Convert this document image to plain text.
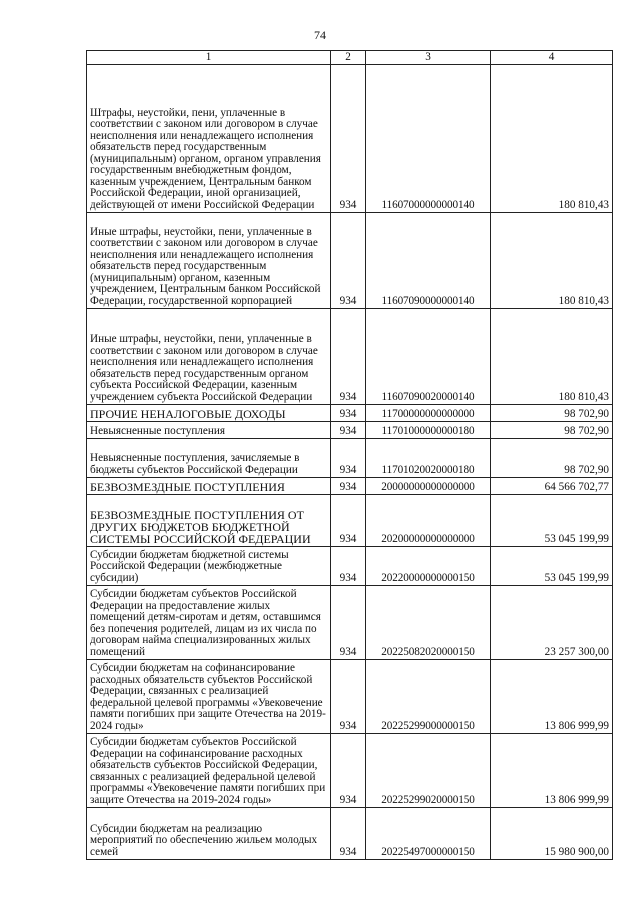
74
1	2	3	4
Штрафы, неустойки, пени, уплаченные в соответствии с законом или договором в случае неисполнения или ненадлежащего исполнения обязательств перед государственным (муниципальным) органом, органом управления государственным внебюджетным фондом, казенным учреждением, Центральным банком Российской Федерации, иной организацией, действующей от имени Российской Федерации	934	11607000000000140	180 810,43
Иные штрафы, неустойки, пени, уплаченные в соответствии с законом или договором в случае неисполнения или ненадлежащего исполнения обязательств перед государственным (муниципальным) органом, казенным учреждением, Центральным банком Российской Федерации, государственной корпорацией	934	11607090000000140	180 810,43
Иные штрафы, неустойки, пени, уплаченные в соответствии с законом или договором в случае неисполнения или ненадлежащего исполнения обязательств перед государственным органом субъекта Российской Федерации, казенным учреждением субъекта Российской Федерации	934	11607090020000140	180 810,43
ПРОЧИЕ НЕНАЛОГОВЫЕ ДОХОДЫ	934	11700000000000000	98 702,90
Невыясненные поступления	934	11701000000000180	98 702,90
Невыясненные поступления, зачисляемые в бюджеты субъектов Российской Федерации	934	11701020020000180	98 702,90
БЕЗВОЗМЕЗДНЫЕ ПОСТУПЛЕНИЯ	934	20000000000000000	64 566 702,77
БЕЗВОЗМЕЗДНЫЕ ПОСТУПЛЕНИЯ ОТ ДРУГИХ БЮДЖЕТОВ БЮДЖЕТНОЙ СИСТЕМЫ РОССИЙСКОЙ ФЕДЕРАЦИИ	934	20200000000000000	53 045 199,99
Субсидии бюджетам бюджетной системы Российской Федерации (межбюджетные субсидии)	934	20220000000000150	53 045 199,99
Субсидии бюджетам субъектов Российской Федерации на предоставление жилых помещений детям-сиротам и детям, оставшимся без попечения родителей, лицам из их числа по договорам найма специализированных жилых помещений	934	20225082020000150	23 257 300,00
Субсидии бюджетам на софинансирование расходных обязательств субъектов Российской Федерации, связанных с реализацией федеральной целевой программы «Увековечение памяти погибших при защите Отечества на 2019-2024 годы»	934	20225299000000150	13 806 999,99
Субсидии бюджетам субъектов Российской Федерации на софинансирование расходных обязательств субъектов Российской Федерации, связанных с реализацией федеральной целевой программы «Увековечение памяти погибших при защите Отечества на 2019-2024 годы»	934	20225299020000150	13 806 999,99
Субсидии бюджетам на реализацию мероприятий по обеспечению жильем молодых семей	934	20225497000000150	15 980 900,00
